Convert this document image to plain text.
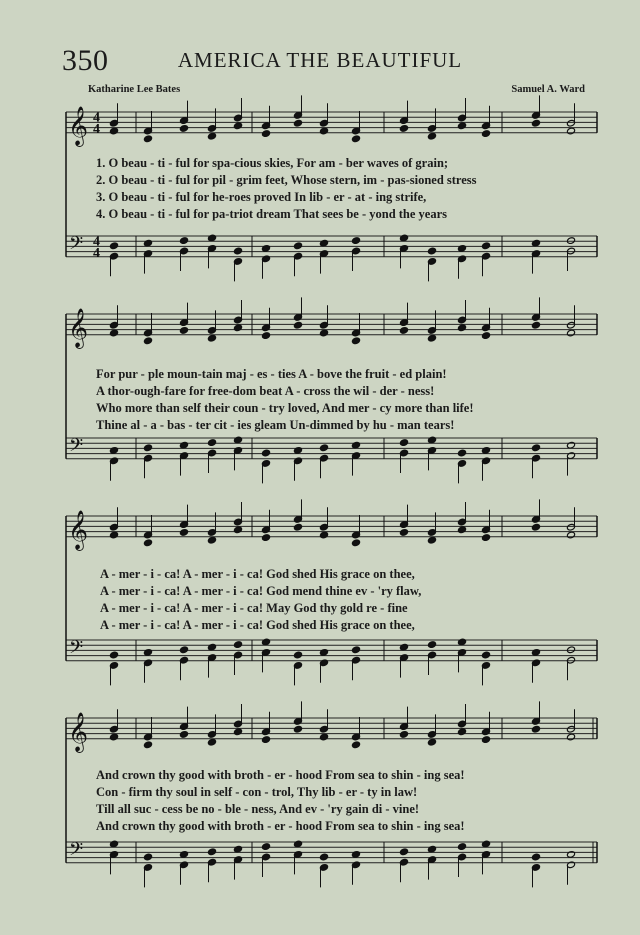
350	AMERICA THE BEAUTIFUL
Katharine Lee Bates	Samuel A. Ward
𝄞
𝄢
4
4
4
4
1. O beau - ti - ful for spa-cious skies, For am - ber waves of grain;
2. O beau - ti - ful for pil - grim feet, Whose stern, im - pas-sioned stress
3. O beau - ti - ful for he-roes proved In lib - er - at - ing strife,
4. O beau - ti - ful for pa-triot dream That sees be - yond the years
𝄞
𝄢
For pur - ple moun-tain maj - es - ties A - bove the fruit - ed plain!
A thor-ough-fare for free-dom beat A - cross the wil - der - ness!
Who more than self their coun - try loved, And mer - cy more than life!
Thine al - a - bas - ter cit - ies gleam Un-dimmed by hu - man tears!
𝄞
𝄢
A - mer - i - ca! A - mer - i - ca! God shed His grace on thee,
A - mer - i - ca! A - mer - i - ca! God mend thine ev - 'ry flaw,
A - mer - i - ca! A - mer - i - ca! May God thy gold re - fine
A - mer - i - ca! A - mer - i - ca! God shed His grace on thee,
𝄞
𝄢
And crown thy good with broth - er - hood From sea to shin - ing sea!
Con - firm thy soul in self - con - trol, Thy lib - er - ty in law!
Till all suc - cess be no - ble - ness, And ev - 'ry gain di - vine!
And crown thy good with broth - er - hood From sea to shin - ing sea!
